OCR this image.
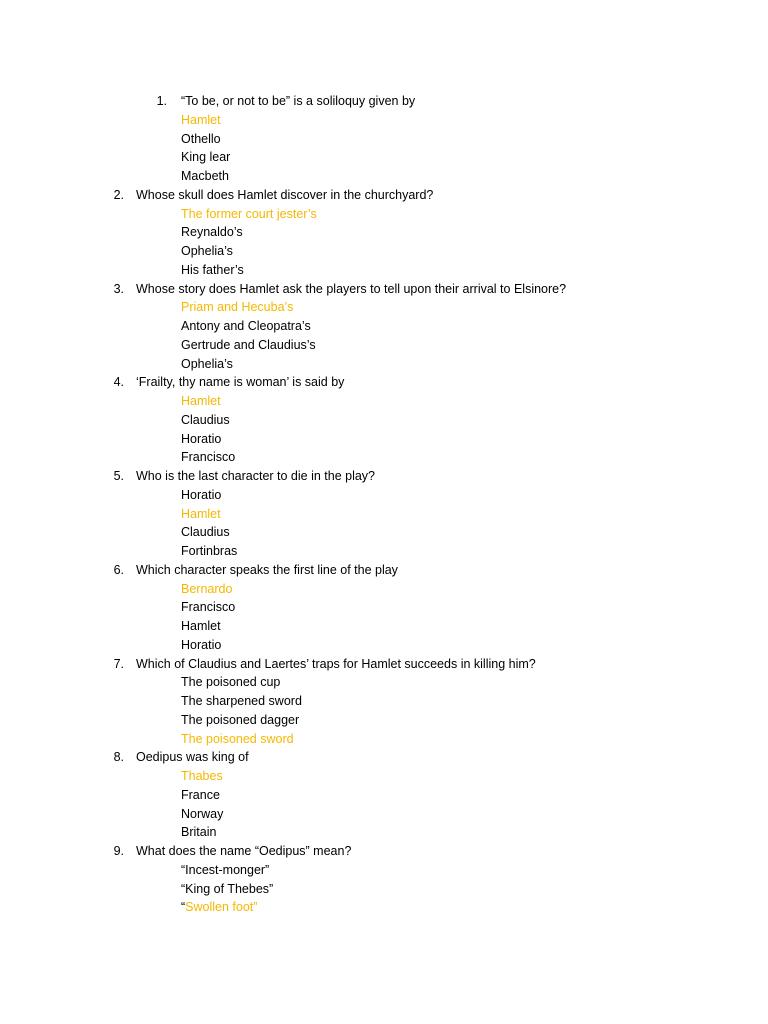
1. “To be, or not to be” is a soliloquy given by
Hamlet
Othello
King lear
Macbeth
2. Whose skull does Hamlet discover in the churchyard?
The former court jester’s
Reynaldo’s
Ophelia’s
His father’s
3. Whose story does Hamlet ask the players to tell upon their arrival to Elsinore?
Priam and Hecuba’s
Antony and Cleopatra’s
Gertrude and Claudius’s
Ophelia’s
4. ‘Frailty, thy name is woman’ is said by
Hamlet
Claudius
Horatio
Francisco
5. Who is the last character to die in the play?
Horatio
Hamlet
Claudius
Fortinbras
6. Which character speaks the first line of the play
Bernardo
Francisco
Hamlet
Horatio
7. Which of Claudius and Laertes’ traps for Hamlet succeeds in killing him?
The poisoned cup
The sharpened sword
The poisoned dagger
The poisoned sword
8. Oedipus was king of
Thabes
France
Norway
Britain
9. What does the name “Oedipus” mean?
“Incest-monger”
“King of Thebes”
“Swollen foot”
